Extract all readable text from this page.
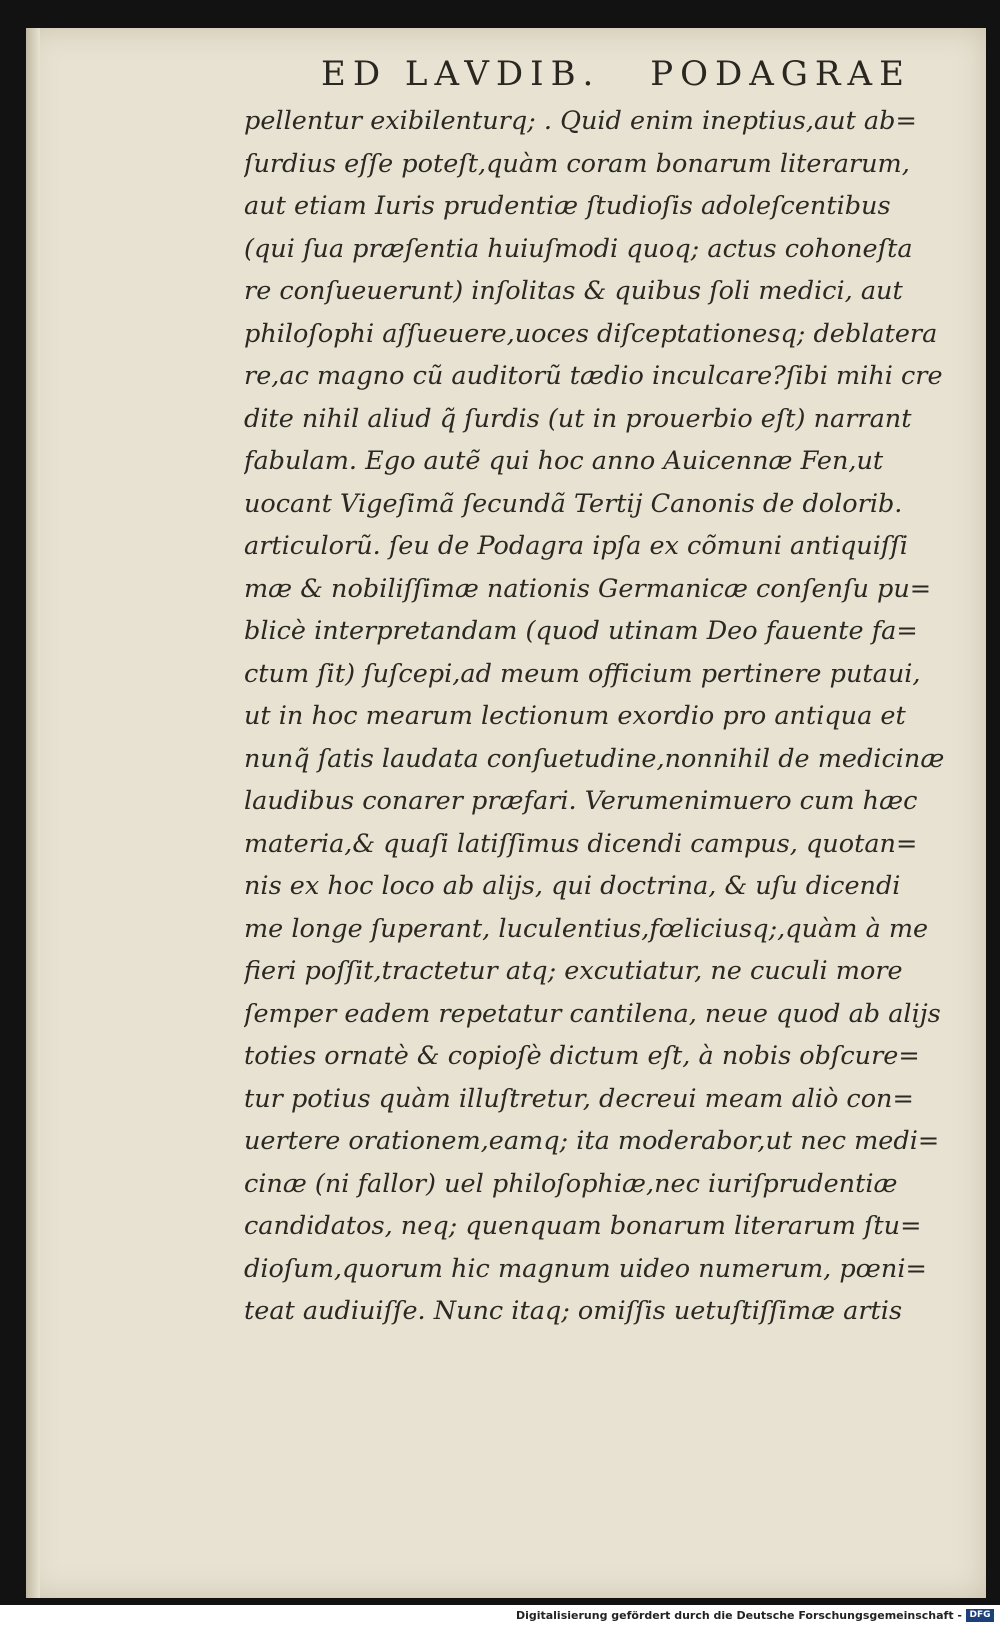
ED LAVDIB. PODAGRAE
pellentur exibilenturq; . Quid enim ineptius,aut ab=
ſurdius eſſe poteſt,quàm coram bonarum literarum,
aut etiam Iuris prudentiæ ſtudioſis adoleſcentibus
(qui ſua præſentia huiuſmodi quoq; actus cohoneſta
re conſueuerunt) inſolitas & quibus ſoli medici, aut
philoſophi aſſueuere,uoces diſceptationesq; deblatera
re,ac magno cũ auditorũ tædio inculcare?ſibi mihi cre
dite nihil aliud q̃ ſurdis (ut in prouerbio eſt) narrant
fabulam. Ego autẽ qui hoc anno Auicennæ Fen,ut
uocant Vigeſimã ſecundã Tertij Canonis de dolorib.
articulorũ. ſeu de Podagra ipſa ex cõmuni antiquiſſi
mæ & nobiliſſimæ nationis Germanicæ conſenſu pu=
blicè interpretandam (quod utinam Deo fauente fa=
ctum ſit) ſuſcepi,ad meum officium pertinere putaui,
ut in hoc mearum lectionum exordio pro antiqua et
nunq̃ ſatis laudata conſuetudine,nonnihil de medicinæ
laudibus conarer præfari. Verumenimuero cum hæc
materia,& quaſi latiſſimus dicendi campus, quotan=
nis ex hoc loco ab alijs, qui doctrina, & uſu dicendi
me longe ſuperant, luculentius,fœliciusq;,quàm à me
fieri poſſit,tractetur atq; excutiatur, ne cuculi more
ſemper eadem repetatur cantilena, neue quod ab alijs
toties ornatè & copioſè dictum eſt, à nobis obſcure=
tur potius quàm illuſtretur, decreui meam aliò con=
uertere orationem,eamq; ita moderabor,ut nec medi=
cinæ (ni fallor) uel philoſophiæ,nec iuriſprudentiæ
candidatos, neq; quenquam bonarum literarum ſtu=
dioſum,quorum hic magnum uideo numerum, pœni=
teat audiuiſſe. Nunc itaq; omiſſis uetuſtiſſimæ artis
Digitalisierung gefördert durch die Deutsche Forschungsgemeinschaft - DFG
